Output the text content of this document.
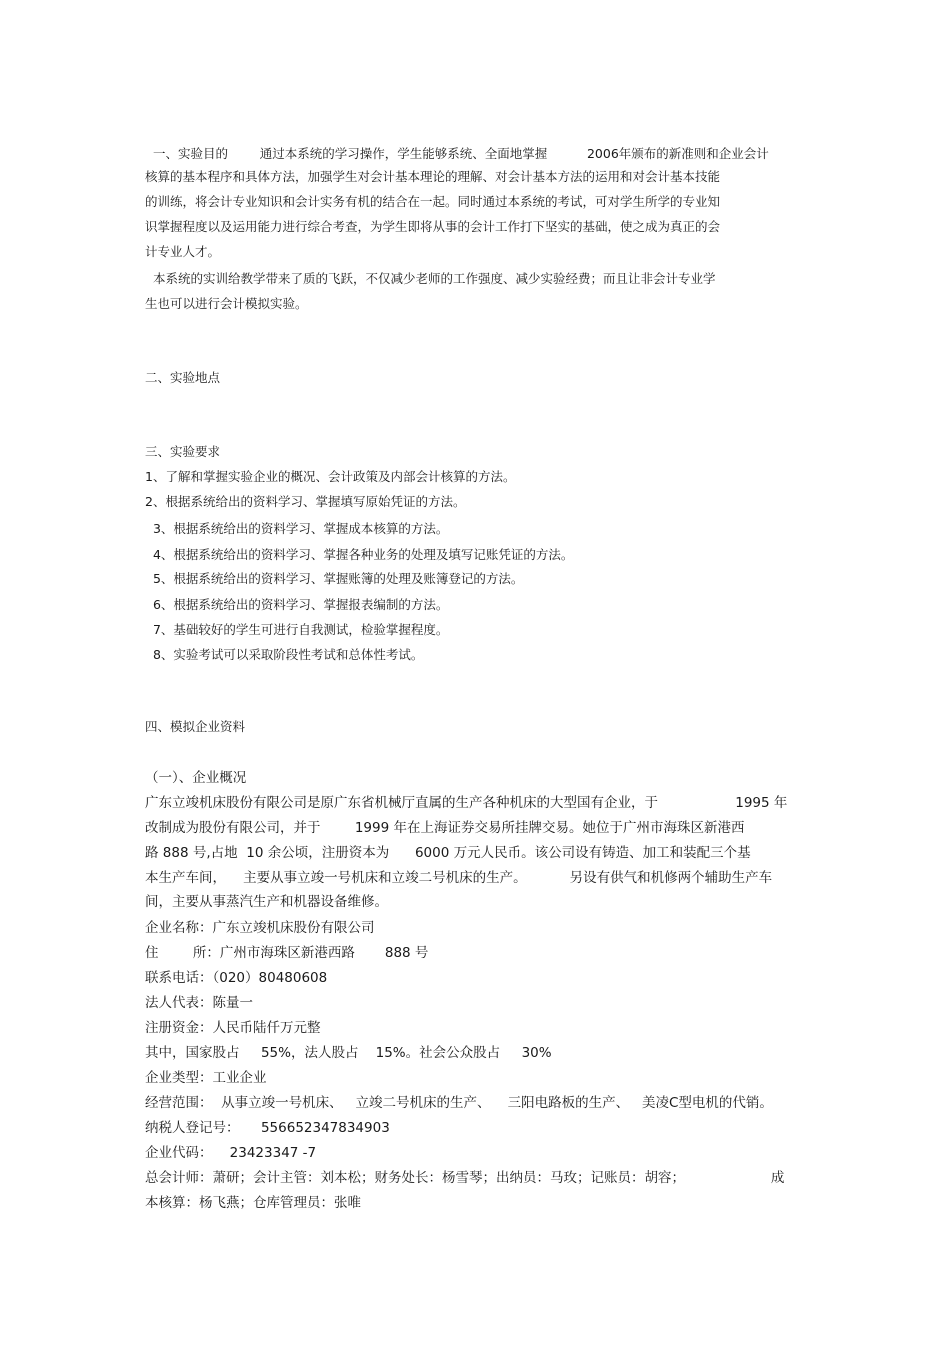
一、实验目的        通过本系统的学习操作，学生能够系统、全面地掌握          2006年颁布的新准则和企业会计

核算的基本程序和具体方法，加强学生对会计基本理论的理解、对会计基本方法的运用和对会计基本技能

的训练，将会计专业知识和会计实务有机的结合在一起。同时通过本系统的考试，可对学生所学的专业知

识掌握程度以及运用能力进行综合考查，为学生即将从事的会计工作打下坚实的基础，使之成为真正的会

计专业人才。

本系统的实训给教学带来了质的飞跃，不仅减少老师的工作强度、减少实验经费；而且让非会计专业学

生也可以进行会计模拟实验。

二、实验地点

三、实验要求

1、了解和掌握实验企业的概况、会计政策及内部会计核算的方法。

2、根据系统给出的资料学习、掌握填写原始凭证的方法。

3、根据系统给出的资料学习、掌握成本核算的方法。

4、根据系统给出的资料学习、掌握各种业务的处理及填写记账凭证的方法。

5、根据系统给出的资料学习、掌握账簿的处理及账簿登记的方法。

6、根据系统给出的资料学习、掌握报表编制的方法。

7、基础较好的学生可进行自我测试，检验掌握程度。

8、实验考试可以采取阶段性考试和总体性考试。

四、模拟企业资料

（一）、企业概况

广东立竣机床股份有限公司是原广东省机械厅直属的生产各种机床的大型国有企业，于                  1995 年

改制成为股份有限公司，并于        1999 年在上海证券交易所挂牌交易。她位于广州市海珠区新港西

路 888 号,占地  10 余公顷，注册资本为      6000 万元人民币。该公司设有铸造、加工和装配三个基

本生产车间，    主要从事立竣一号机床和立竣二号机床的生产。          另设有供气和机修两个辅助生产车

间，主要从事蒸汽生产和机器设备维修。

企业名称：广东立竣机床股份有限公司

住        所：广州市海珠区新港西路       888 号

联系电话：（020）80480608

法人代表：陈量一

注册资金：人民币陆仟万元整

其中，国家股占     55%，法人股占    15%。社会公众股占     30%

企业类型：工业企业

经营范围：  从事立竣一号机床、   立竣二号机床的生产、    三阳电路板的生产、   美凌C型电机的代销。

纳税人登记号：     556652347834903

企业代码：    23423347 -7

总会计师：萧研；会计主管：刘本松；财务处长：杨雪琴；出纳员：马玫；记账员：胡容；                    成

本核算：杨飞燕；仓库管理员：张唯
